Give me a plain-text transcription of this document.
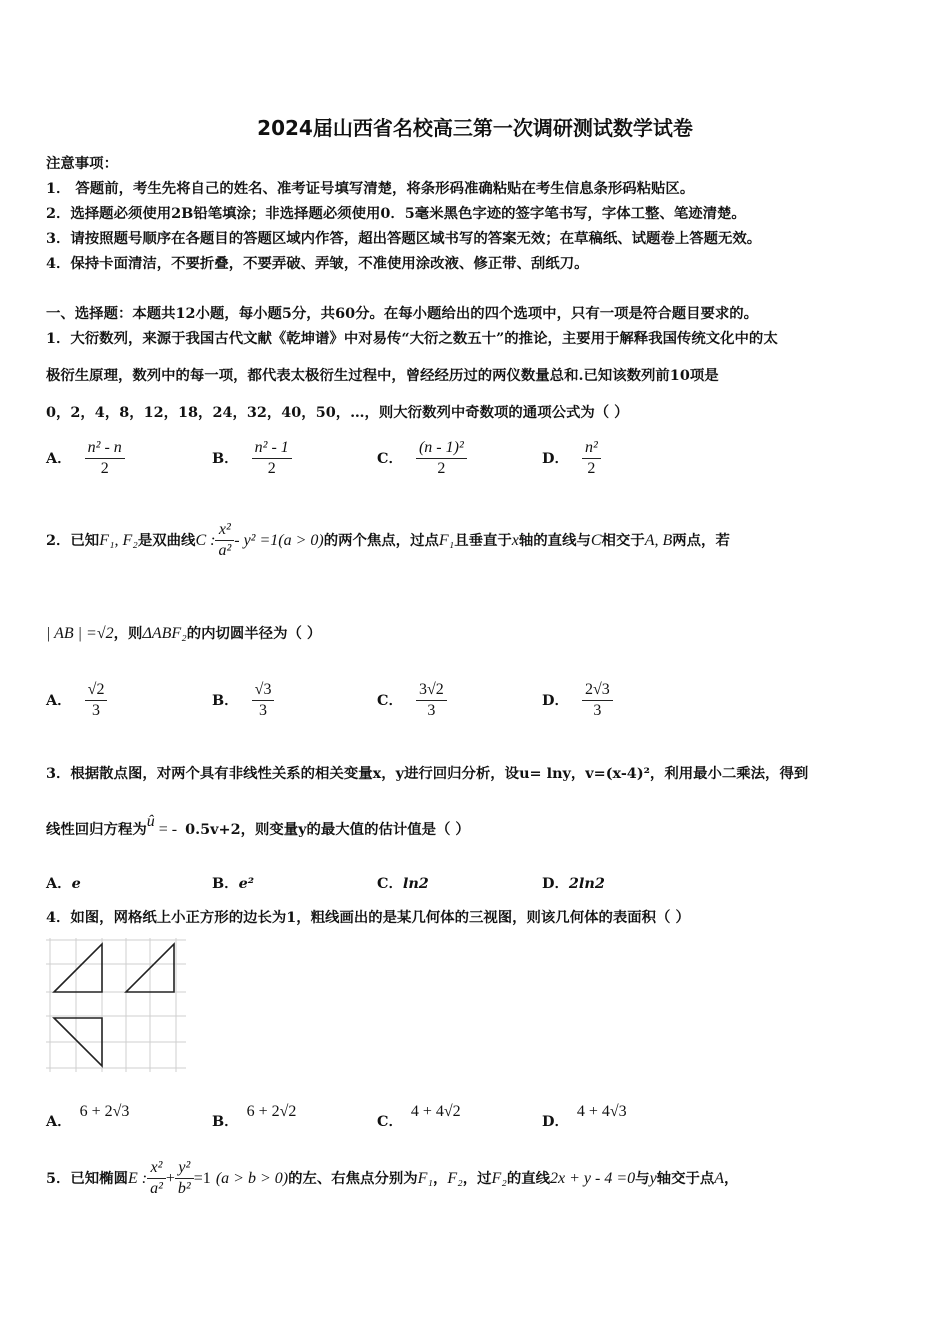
2024届山西省名校高三第一次调研测试数学试卷
注意事项：
1． 答题前，考生先将自己的姓名、准考证号填写清楚，将条形码准确粘贴在考生信息条形码粘贴区。
2．选择题必须使用2B铅笔填涂；非选择题必须使用0．5毫米黑色字迹的签字笔书写，字体工整、笔迹清楚。
3．请按照题号顺序在各题目的答题区域内作答，超出答题区域书写的答案无效；在草稿纸、试题卷上答题无效。
4．保持卡面清洁，不要折叠，不要弄破、弄皱，不准使用涂改液、修正带、刮纸刀。
一、选择题：本题共12小题，每小题5分，共60分。在每小题给出的四个选项中，只有一项是符合题目要求的。
1．大衍数列，来源于我国古代文献《乾坤谱》中对易传“大衍之数五十”的推论，主要用于解释我国传统文化中的太
极衍生原理，数列中的每一项，都代表太极衍生过程中，曾经经历过的两仪数量总和.已知该数列前10项是
0，2，4，8，12，18，24，32，40，50，…，则大衍数列中奇数项的通项公式为（ ）
A． $\frac{\text{n² - n}}{2}$	B． $\frac{\text{n² - 1}}{2}$	C． $\frac{\text{(n - 1)²}}{2}$	D． $\frac{\text{n²}}{2}$
2．已知F₁, F₂是双曲线C : $\frac{\text{x²}}{\text{a²}} - y^2 =1(a > 0)$的两个焦点，过点F₁且垂直于x轴的直线与C相交于A, B两点，若
| AB | =√2，则ΔABF₂的内切圆半径为（ ）
A． $\frac{√2}{3}$	B． $\frac{√3}{3}$	C． $\frac{3√2}{3}$	D． $\frac{2√3}{3}$
3．根据散点图，对两个具有非线性关系的相关变量x，y进行回归分析，设u= lny，v=(x-4)²，利用最小二乘法，得到
线性回归方程为û = - 0.5v+2，则变量y的最大值的估计值是（ ）
A．e	B．e²	C．ln2	D．2ln2
4．如图，网格纸上小正方形的边长为1，粗线画出的是某几何体的三视图，则该几何体的表面积（ ）
A．6 + 2√3
B．6 + 2√2
C．4 + 4√2
D．4 + 4√3
5．已知椭圆E : $\frac{\text{x²}}{\text{a²}} + \frac{\text{y²}}{\text{b²}} =1$ (a > b > 0)的左、右焦点分别为F₁，F₂，过F₂的直线2x + y - 4 =0与y轴交于点A，
